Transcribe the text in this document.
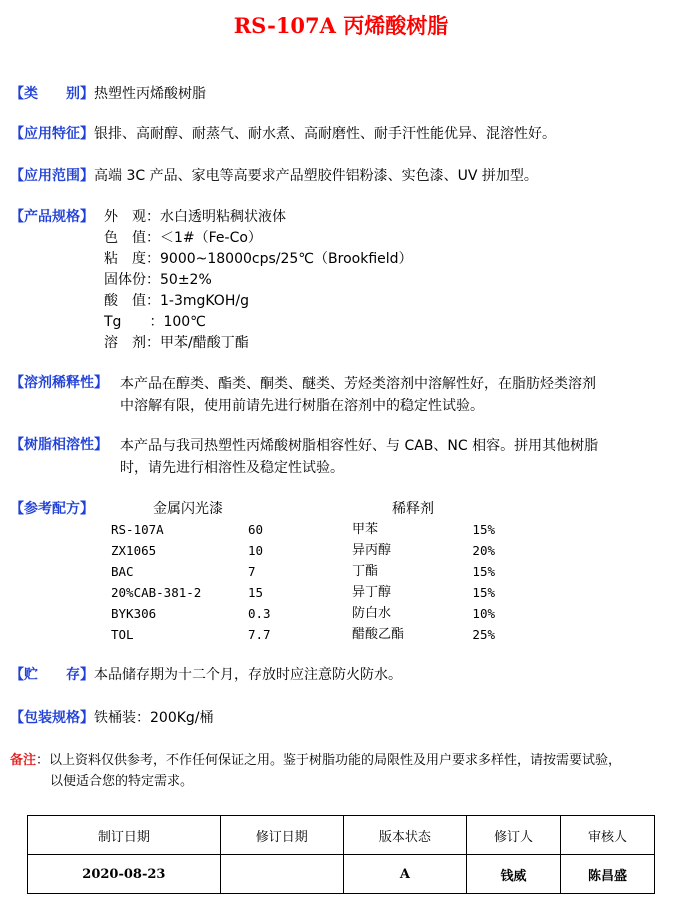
RS-107A 丙烯酸树脂
【类　　别】热塑性丙烯酸树脂
【应用特征】银排、高耐醇、耐蒸气、耐水煮、高耐磨性、耐手汗性能优异、混溶性好。
【应用范围】高端 3C 产品、家电等高要求产品塑胶件铝粉漆、实色漆、UV 拼加型。
【产品规格】 外　观：水白透明粘稠状液体
色　值：＜1#（Fe-Co）
粘　度：9000~18000cps/25℃（Brookfield）
固体份：50±2%
酸　值：1-3mgKOH/g
Tg　　：100℃
溶　剂：甲苯/醋酸丁酯
【溶剂稀释性】 本产品在醇类、酯类、酮类、醚类、芳烃类溶剂中溶解性好，在脂肪烃类溶剂
中溶解有限，使用前请先进行树脂在溶剂中的稳定性试验。
【树脂相溶性】 本产品与我司热塑性丙烯酸树脂相容性好、与 CAB、NC 相容。拼用其他树脂
时，请先进行相溶性及稳定性试验。
【参考配方】	金属闪光漆	稀释剂
RS-107A	60	甲苯	15%
ZX1065	10	异丙醇	20%
BAC	7	丁酯	15%
20%CAB-381-2	15	异丁醇	15%
BYK306	0.3	防白水	10%
TOL	7.7	醋酸乙酯	25%
【贮　　存】本品储存期为十二个月，存放时应注意防火防水。
【包装规格】铁桶装：200Kg/桶
备注：以上资料仅供参考，不作任何保证之用。鉴于树脂功能的局限性及用户要求多样性，请按需要试验，
以便适合您的特定需求。
制订日期	修订日期	版本状态	修订人	审核人
2020-08-23		A	钱威	陈昌盛
